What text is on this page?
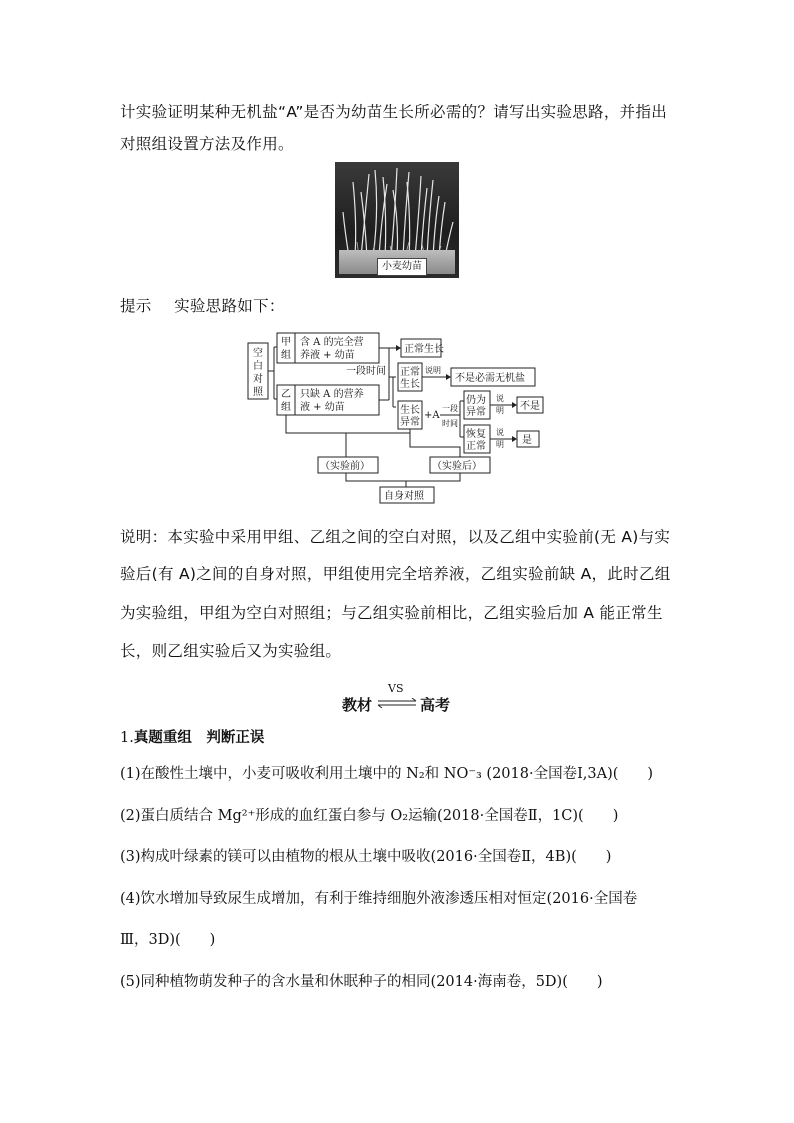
计实验证明某种无机盐“A”是否为幼苗生长所必需的？请写出实验思路，并指出
对照组设置方法及作用。
小麦幼苗
提示 实验思路如下：
空
白
对
照
甲
组
含 A 的完全营
养液 + 幼苗
乙
组
只缺 A 的营养
液 + 幼苗
一段时间
正常生长
正常
生长
说明
不是必需无机盐
生长
异常
+A
一段
时间
仍为
异常
说
明 不是
恢复
正常
说
明 是
（实验前）	（实验后）
自身对照
说明：本实验中采用甲组、乙组之间的空白对照，以及乙组中实验前(无 A)与实
验后(有 A)之间的自身对照，甲组使用完全培养液，乙组实验前缺 A，此时乙组
为实验组，甲组为空白对照组；与乙组实验前相比，乙组实验后加 A 能正常生
长，则乙组实验后又为实验组。
教材
VS
高考
1.真题重组　判断正误
(1)在酸性土壤中，小麦可吸收利用土壤中的 N₂和 NO⁻₃ (2018·全国卷Ⅰ,3A)(　　)
(2)蛋白质结合 Mg²⁺形成的血红蛋白参与 O₂运输(2018·全国卷Ⅱ，1C)(　　)
(3)构成叶绿素的镁可以由植物的根从土壤中吸收(2016·全国卷Ⅱ，4B)(　　)
(4)饮水增加导致尿生成增加，有利于维持细胞外液渗透压相对恒定(2016·全国卷
Ⅲ，3D)(　　)
(5)同种植物萌发种子的含水量和休眠种子的相同(2014·海南卷，5D)(　　)
